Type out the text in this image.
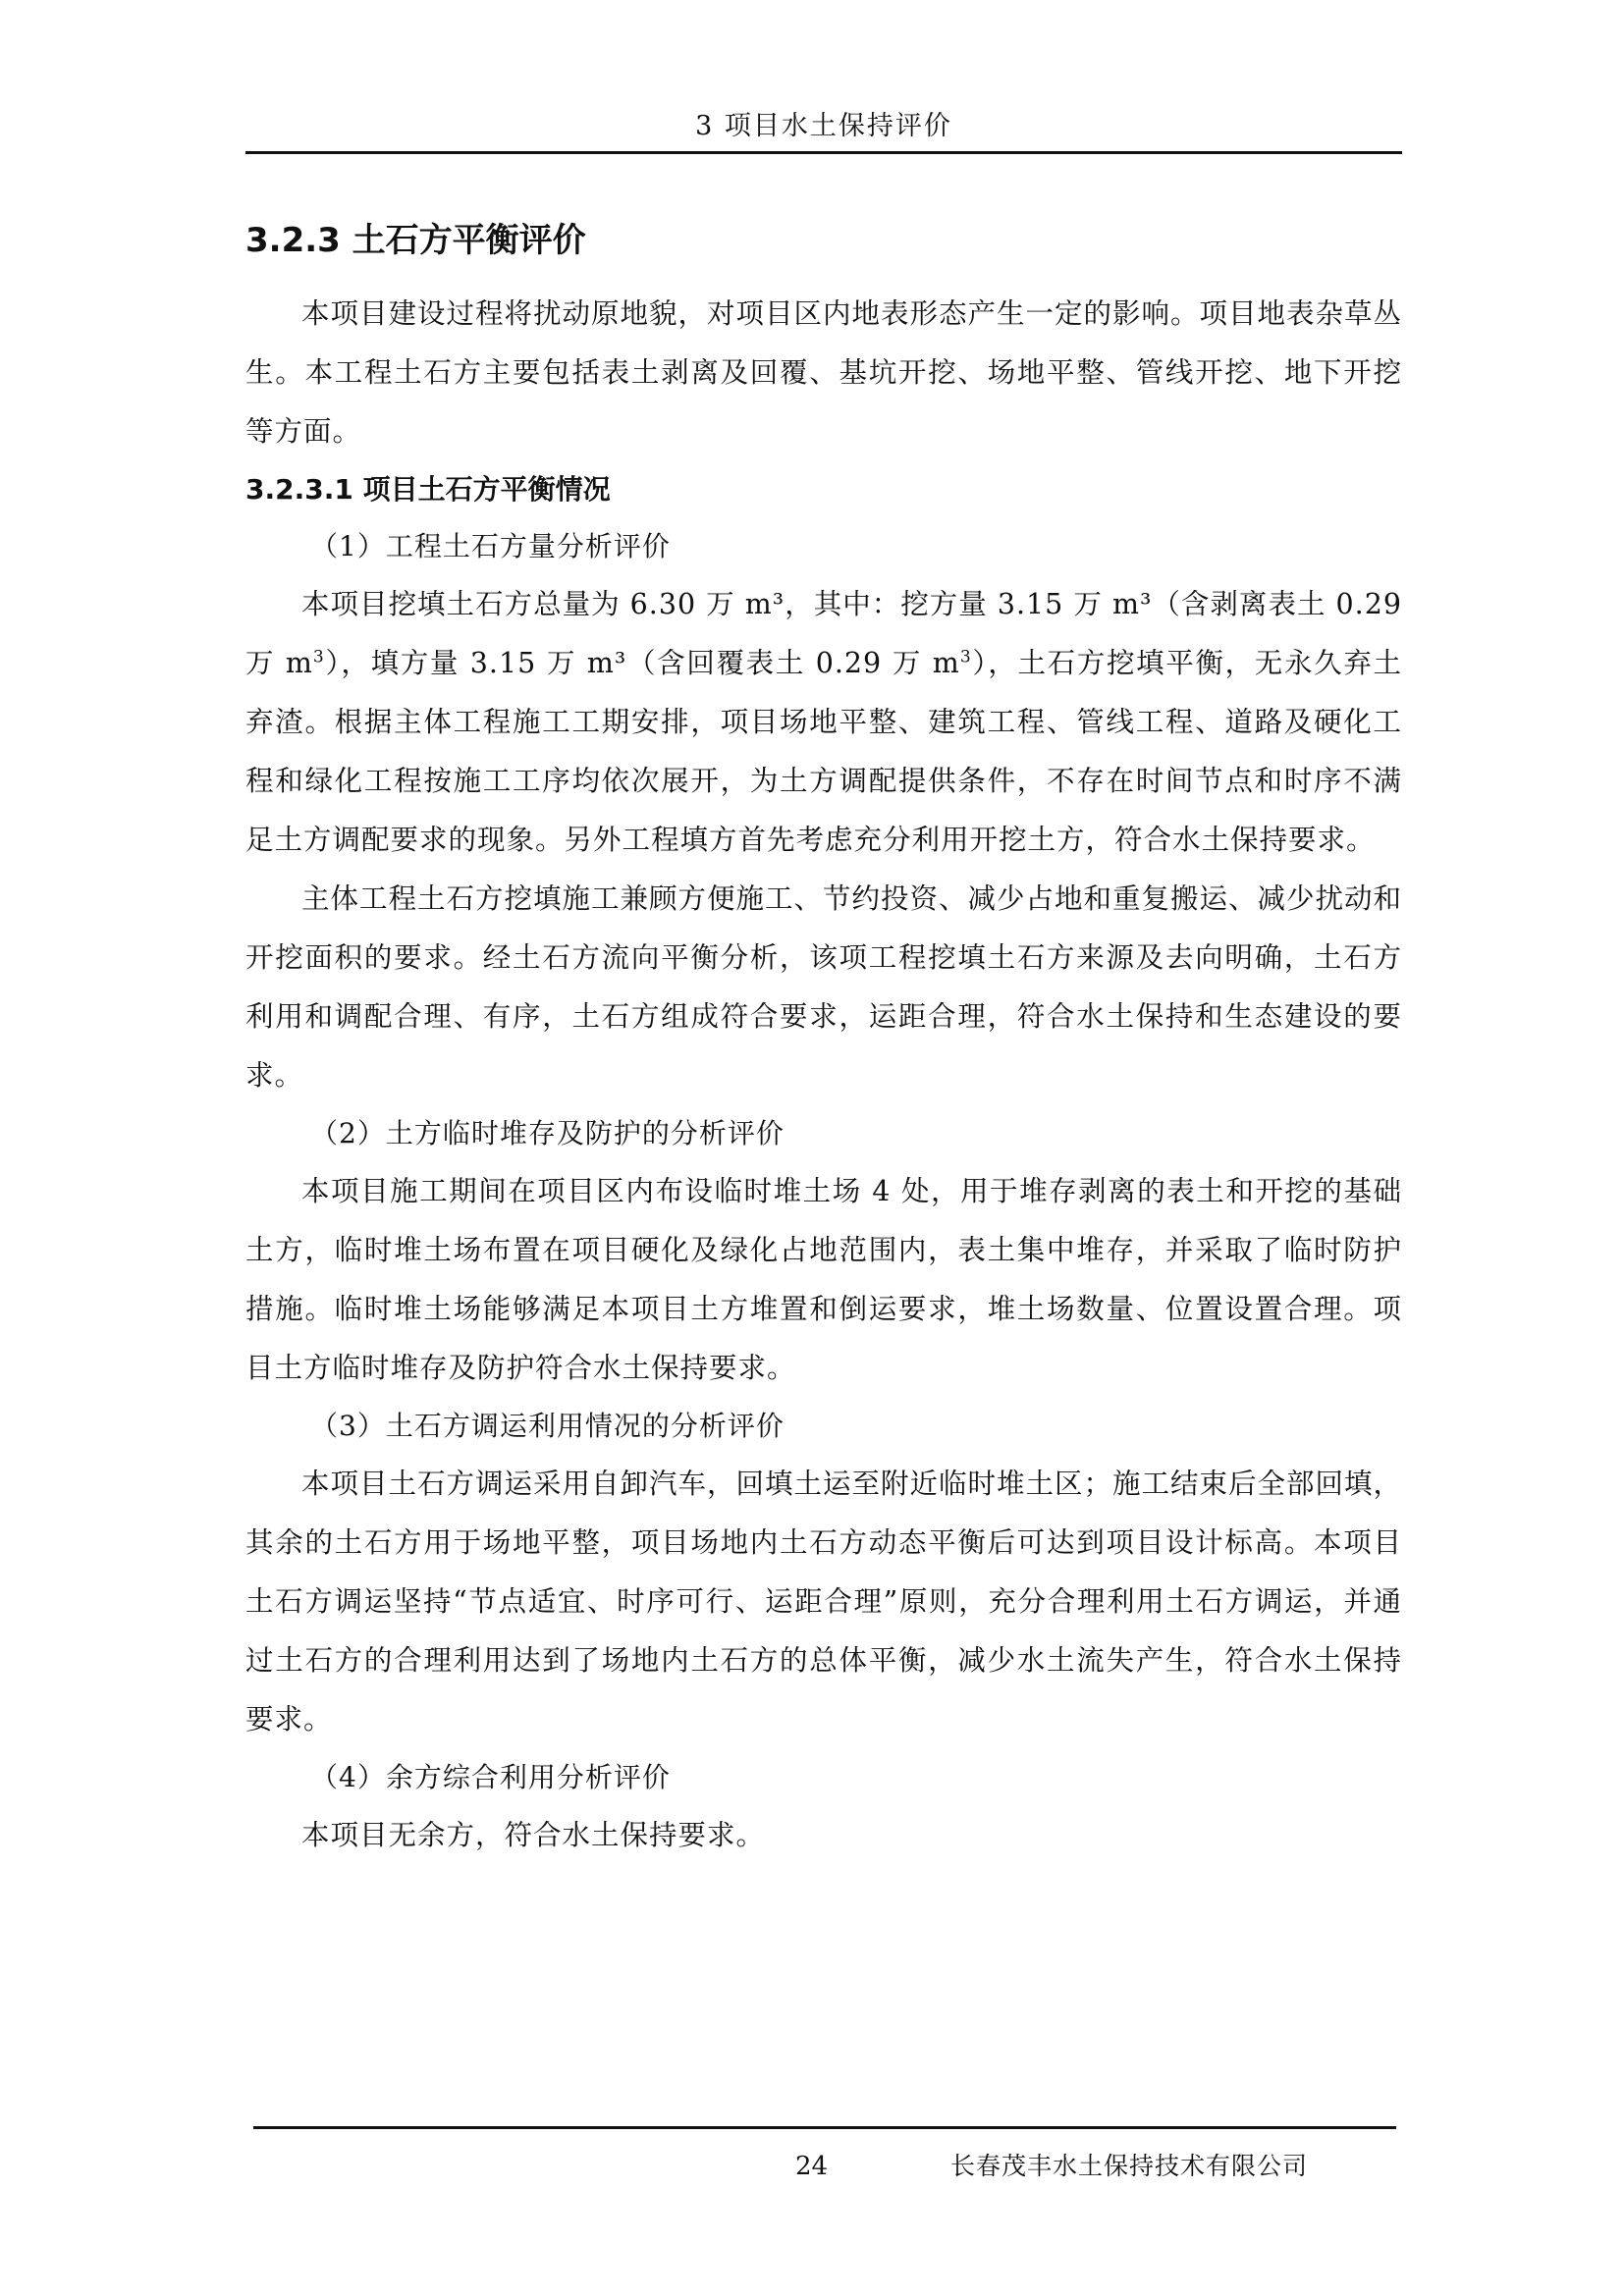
3 项目水土保持评价
3.2.3 土石方平衡评价

本项目建设过程将扰动原地貌，对项目区内地表形态产生一定的影响。项目地表杂草丛生。本工程土石方主要包括表土剥离及回覆、基坑开挖、场地平整、管线开挖、地下开挖等方面。

3.2.3.1 项目土石方平衡情况

（1）工程土石方量分析评价

本项目挖填土石方总量为 6.30 万 m³，其中：挖方量 3.15 万 m³（含剥离表土 0.29 万 $m^3$），填方量 3.15 万 m³（含回覆表土 0.29 万 $m^3$），土石方挖填平衡，无永久弃土弃渣。根据主体工程施工工期安排，项目场地平整、建筑工程、管线工程、道路及硬化工程和绿化工程按施工工序均依次展开，为土方调配提供条件，不存在时间节点和时序不满足土方调配要求的现象。另外工程填方首先考虑充分利用开挖土方，符合水土保持要求。

主体工程土石方挖填施工兼顾方便施工、节约投资、减少占地和重复搬运、减少扰动和开挖面积的要求。经土石方流向平衡分析，该项工程挖填土石方来源及去向明确，土石方利用和调配合理、有序，土石方组成符合要求，运距合理，符合水土保持和生态建设的要求。

（2）土方临时堆存及防护的分析评价

本项目施工期间在项目区内布设临时堆土场 4 处，用于堆存剥离的表土和开挖的基础土方，临时堆土场布置在项目硬化及绿化占地范围内，表土集中堆存，并采取了临时防护措施。临时堆土场能够满足本项目土方堆置和倒运要求，堆土场数量、位置设置合理。项目土方临时堆存及防护符合水土保持要求。

（3）土石方调运利用情况的分析评价

本项目土石方调运采用自卸汽车，回填土运至附近临时堆土区；施工结束后全部回填，其余的土石方用于场地平整，项目场地内土石方动态平衡后可达到项目设计标高。本项目土石方调运坚持“节点适宜、时序可行、运距合理”原则，充分合理利用土石方调运，并通过土石方的合理利用达到了场地内土石方的总体平衡，减少水土流失产生，符合水土保持要求。

（4）余方综合利用分析评价

本项目无余方，符合水土保持要求。

24	长春茂丰水土保持技术有限公司
